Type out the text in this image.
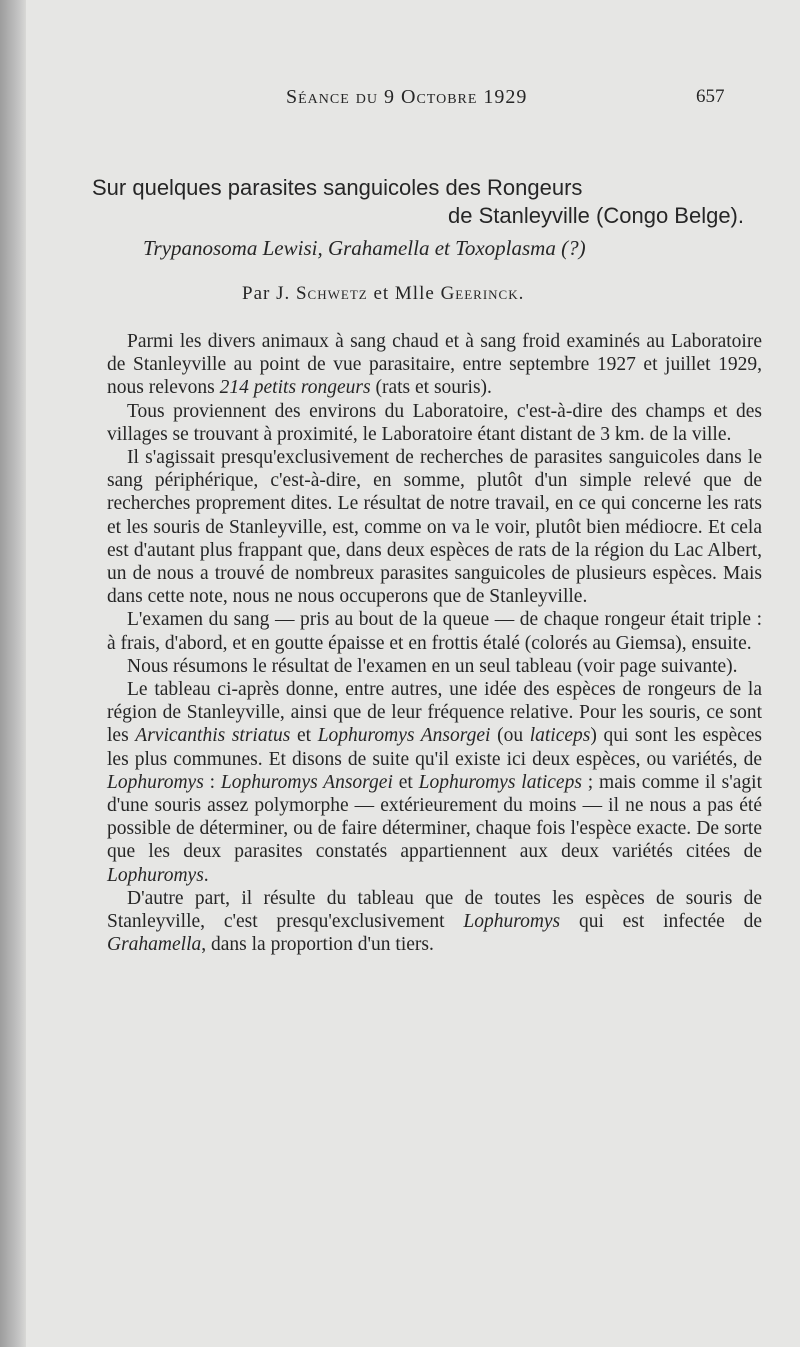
Séance du 9 Octobre 1929	657
Sur quelques parasites sanguicoles des Rongeurs
de Stanleyville (Congo Belge).
Trypanosoma Lewisi, Grahamella et Toxoplasma (?)
Par J. Schwetz et Mlle Geerinck.

Parmi les divers animaux à sang chaud et à sang froid examinés au Laboratoire de Stanleyville au point de vue parasitaire, entre septembre 1927 et juillet 1929, nous relevons 214 petits rongeurs (rats et souris).

Tous proviennent des environs du Laboratoire, c'est-à-dire des champs et des villages se trouvant à proximité, le Laboratoire étant distant de 3 km. de la ville.

Il s'agissait presqu'exclusivement de recherches de parasites sanguicoles dans le sang périphérique, c'est-à-dire, en somme, plutôt d'un simple relevé que de recherches proprement dites. Le résultat de notre travail, en ce qui concerne les rats et les souris de Stanleyville, est, comme on va le voir, plutôt bien médiocre. Et cela est d'autant plus frappant que, dans deux espèces de rats de la région du Lac Albert, un de nous a trouvé de nombreux parasites sanguicoles de plusieurs espèces. Mais dans cette note, nous ne nous occuperons que de Stanleyville.

L'examen du sang — pris au bout de la queue — de chaque rongeur était triple : à frais, d'abord, et en goutte épaisse et en frottis étalé (colorés au Giemsa), ensuite.

Nous résumons le résultat de l'examen en un seul tableau (voir page suivante).

Le tableau ci-après donne, entre autres, une idée des espèces de rongeurs de la région de Stanleyville, ainsi que de leur fréquence relative. Pour les souris, ce sont les Arvicanthis striatus et Lophuromys Ansorgei (ou laticeps) qui sont les espèces les plus communes. Et disons de suite qu'il existe ici deux espèces, ou variétés, de Lophuromys : Lophuromys Ansorgei et Lophuromys laticeps ; mais comme il s'agit d'une souris assez polymorphe — extérieurement du moins — il ne nous a pas été possible de déterminer, ou de faire déterminer, chaque fois l'espèce exacte. De sorte que les deux parasites constatés appartiennent aux deux variétés citées de Lophuromys.

D'autre part, il résulte du tableau que de toutes les espèces de souris de Stanleyville, c'est presqu'exclusivement Lophuromys qui est infectée de Grahamella, dans la proportion d'un tiers.
